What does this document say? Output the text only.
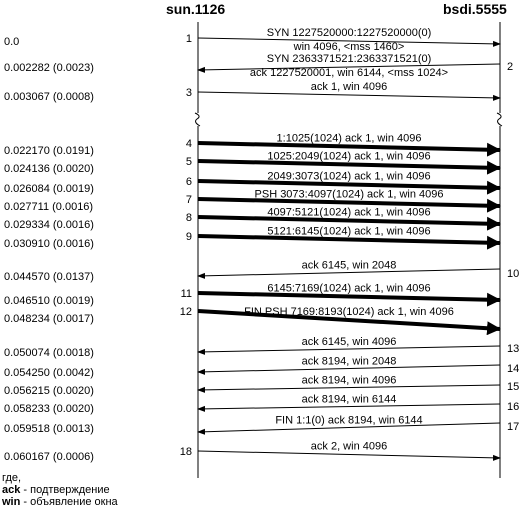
sun.1126	bsdi.5555
0.0	1	SYN 1227520000:1227520000(0)
win 4096, <mss 1460>
0.002282 (0.0023)	2
SYN 2363371521:2363371521(0)
ack 1227520001, win 6144, <mss 1024>
0.003067 (0.0008)	3	ack 1, win 4096
0.022170 (0.0191)
4	1:1025(1024) ack 1, win 4096
0.024136 (0.0020)
5	1025:2049(1024) ack 1, win 4096
0.026084 (0.0019)
6	2049:3073(1024) ack 1, win 4096
0.027711 (0.0016)
7	PSH 3073:4097(1024) ack 1, win 4096
0.029334 (0.0016)
8	4097:5121(1024) ack 1, win 4096
0.030910 (0.0016)
9	5121:6145(1024) ack 1, win 4096
0.044570 (0.0137)	10
ack 6145, win 2048
0.046510 (0.0019)
11	6145:7169(1024) ack 1, win 4096
0.048234 (0.0017)
12	FIN,PSH 7169:8193(1024) ack 1, win 4096
0.050074 (0.0018)	13
ack 6145, win 4096
0.054250 (0.0042)	14
ack 8194, win 2048
0.056215 (0.0020)	15
ack 8194, win 4096
0.058233 (0.0020)	16
ack 8194, win 6144
0.059518 (0.0013)	17
FIN 1:1(0) ack 8194, win 6144
0.060167 (0.0006)	18	ack 2, win 4096
где,
ack - подтверждение
win - объявление окна
